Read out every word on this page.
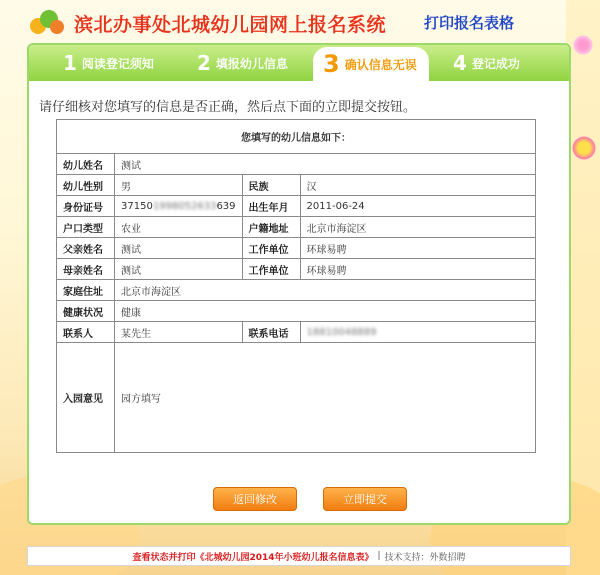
滨北办事处北城幼儿园网上报名系统	打印报名表格
1 阅读登记须知 2 填报幼儿信息 3 确认信息无误 4 登记成功
请仔细核对您填写的信息是否正确，然后点下面的立即提交按钮。
您填写的幼儿信息如下：			
幼儿姓名	测试		
幼儿性别	男	民族	汉
身份证号	371501998052633639	出生年月	2011-06-24
户口类型	农业	户籍地址	北京市海淀区
父亲姓名	测试	工作单位	环球易聘
母亲姓名	测试	工作单位	环球易聘
家庭住址	北京市海淀区		
健康状况	健康		
联系人	某先生	联系电话	18810048889
入园意见	园方填写		
返回修改	立即提交
查看状态并打印《北城幼儿园2014年小班幼儿报名信息表》 | 技术支持：外数招聘
